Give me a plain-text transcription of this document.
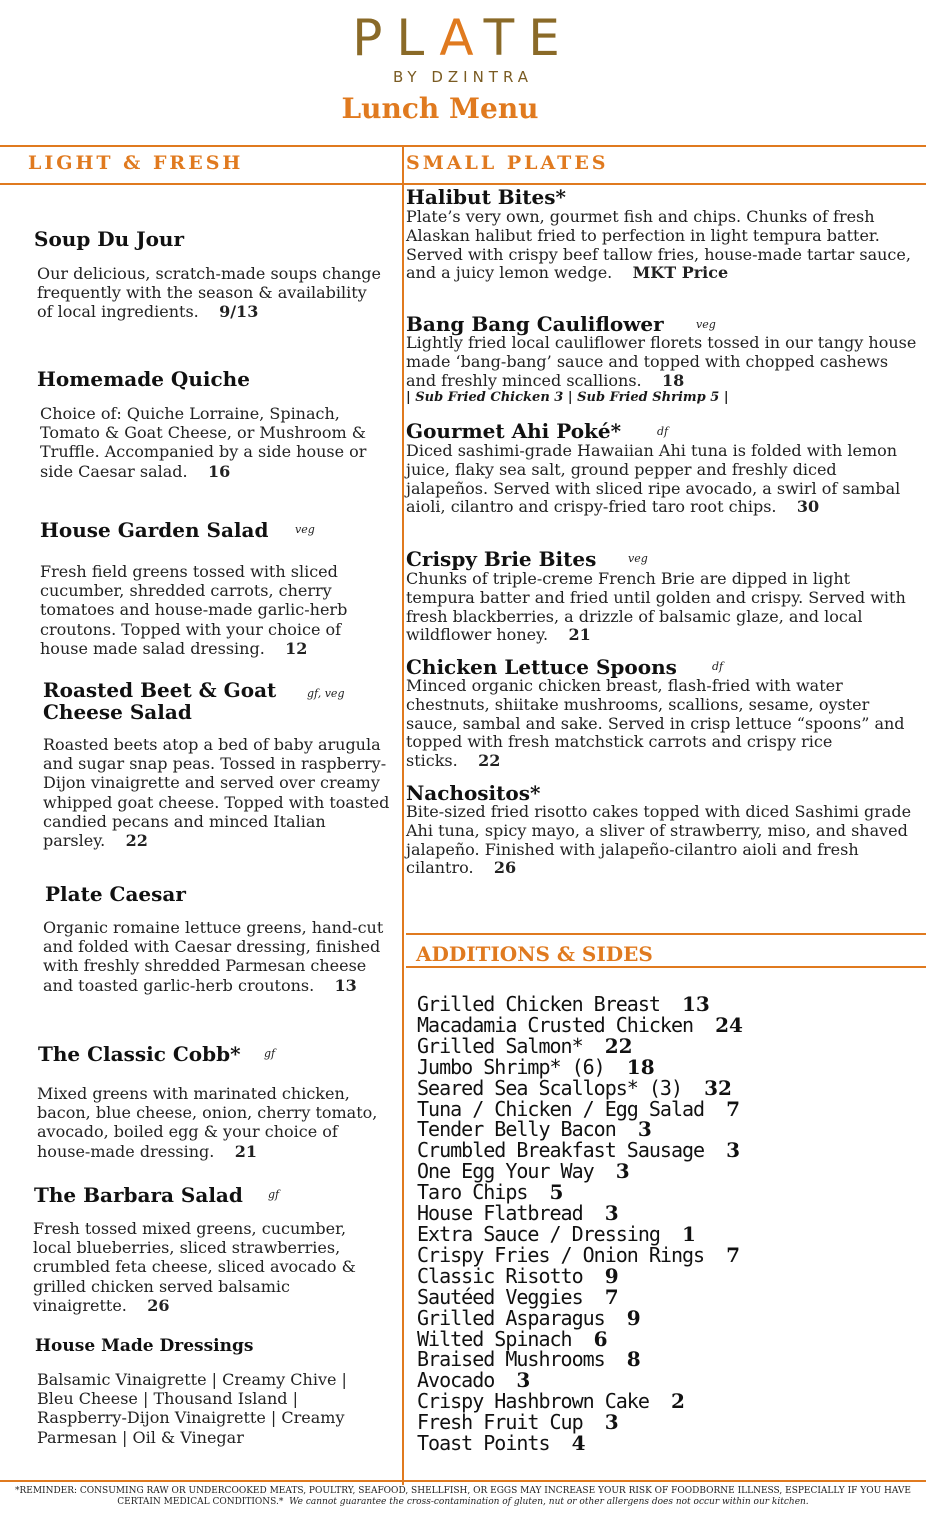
PLATE
BY DZINTRA
Lunch Menu
LIGHT & FRESH	SMALL PLATES
Soup Du Jour
Our delicious, scratch-made soups change frequently with the season & availability of local ingredients. 9/13
Homemade Quiche
Choice of: Quiche Lorraine, Spinach, Tomato & Goat Cheese, or Mushroom & Truffle. Accompanied by a side house or side Caesar salad. 16
House Garden Salad veg
Fresh field greens tossed with sliced cucumber, shredded carrots, cherry tomatoes and house-made garlic-herb croutons. Topped with your choice of house made salad dressing. 12
Roasted Beet & Goat Cheese Salad
gf, veg
Roasted beets atop a bed of baby arugula and sugar snap peas. Tossed in raspberry-Dijon vinaigrette and served over creamy whipped goat cheese. Topped with toasted candied pecans and minced Italian parsley. 22
Plate Caesar
Organic romaine lettuce greens, hand-cut and folded with Caesar dressing, finished with freshly shredded Parmesan cheese and toasted garlic-herb croutons. 13
The Classic Cobb* gf
Mixed greens with marinated chicken, bacon, blue cheese, onion, cherry tomato, avocado, boiled egg & your choice of house-made dressing. 21
The Barbara Salad gf
Fresh tossed mixed greens, cucumber, local blueberries, sliced strawberries, crumbled feta cheese, sliced avocado & grilled chicken served balsamic vinaigrette. 26
House Made Dressings
Balsamic Vinaigrette | Creamy Chive | Bleu Cheese | Thousand Island | Raspberry-Dijon Vinaigrette | Creamy Parmesan | Oil & Vinegar
Halibut Bites*
Plate’s very own, gourmet fish and chips. Chunks of fresh Alaskan halibut fried to perfection in light tempura batter. Served with crispy beef tallow fries, house-made tartar sauce, and a juicy lemon wedge. MKT Price
Bang Bang Cauliflower	veg
Lightly fried local cauliflower florets tossed in our tangy house made ‘bang-bang’ sauce and topped with chopped cashews and freshly minced scallions. 18
| Sub Fried Chicken 3 | Sub Fried Shrimp 5 |
Gourmet Ahi Poké*	df
Diced sashimi-grade Hawaiian Ahi tuna is folded with lemon juice, flaky sea salt, ground pepper and freshly diced jalapeños. Served with sliced ripe avocado, a swirl of sambal aioli, cilantro and crispy-fried taro root chips. 30
Crispy Brie Bites	veg
Chunks of triple-creme French Brie are dipped in light tempura batter and fried until golden and crispy. Served with fresh blackberries, a drizzle of balsamic glaze, and local wildflower honey. 21
Chicken Lettuce Spoons	df
Minced organic chicken breast, flash-fried with water chestnuts, shiitake mushrooms, scallions, sesame, oyster sauce, sambal and sake. Served in crisp lettuce “spoons” and topped with fresh matchstick carrots and crispy rice sticks. 22
Nachositos*
Bite-sized fried risotto cakes topped with diced Sashimi grade Ahi tuna, spicy mayo, a sliver of strawberry, miso, and shaved jalapeño. Finished with jalapeño-cilantro aioli and fresh cilantro. 26
ADDITIONS & SIDES
Grilled Chicken Breast 13
Macadamia Crusted Chicken 24
Grilled Salmon* 22
Jumbo Shrimp* (6) 18
Seared Sea Scallops* (3) 32
Tuna / Chicken / Egg Salad 7
Tender Belly Bacon 3
Crumbled Breakfast Sausage 3
One Egg Your Way 3
Taro Chips 5
House Flatbread 3
Extra Sauce / Dressing 1
Crispy Fries / Onion Rings 7
Classic Risotto 9
Sautéed Veggies 7
Grilled Asparagus 9
Wilted Spinach 6
Braised Mushrooms 8
Avocado 3
Crispy Hashbrown Cake 2
Fresh Fruit Cup 3
Toast Points 4
*REMINDER: CONSUMING RAW OR UNDERCOOKED MEATS, POULTRY, SEAFOOD, SHELLFISH, OR EGGS MAY INCREASE YOUR RISK OF FOODBORNE ILLNESS, ESPECIALLY IF YOU HAVE CERTAIN MEDICAL CONDITIONS.* We cannot guarantee the cross-contamination of gluten, nut or other allergens does not occur within our kitchen.
